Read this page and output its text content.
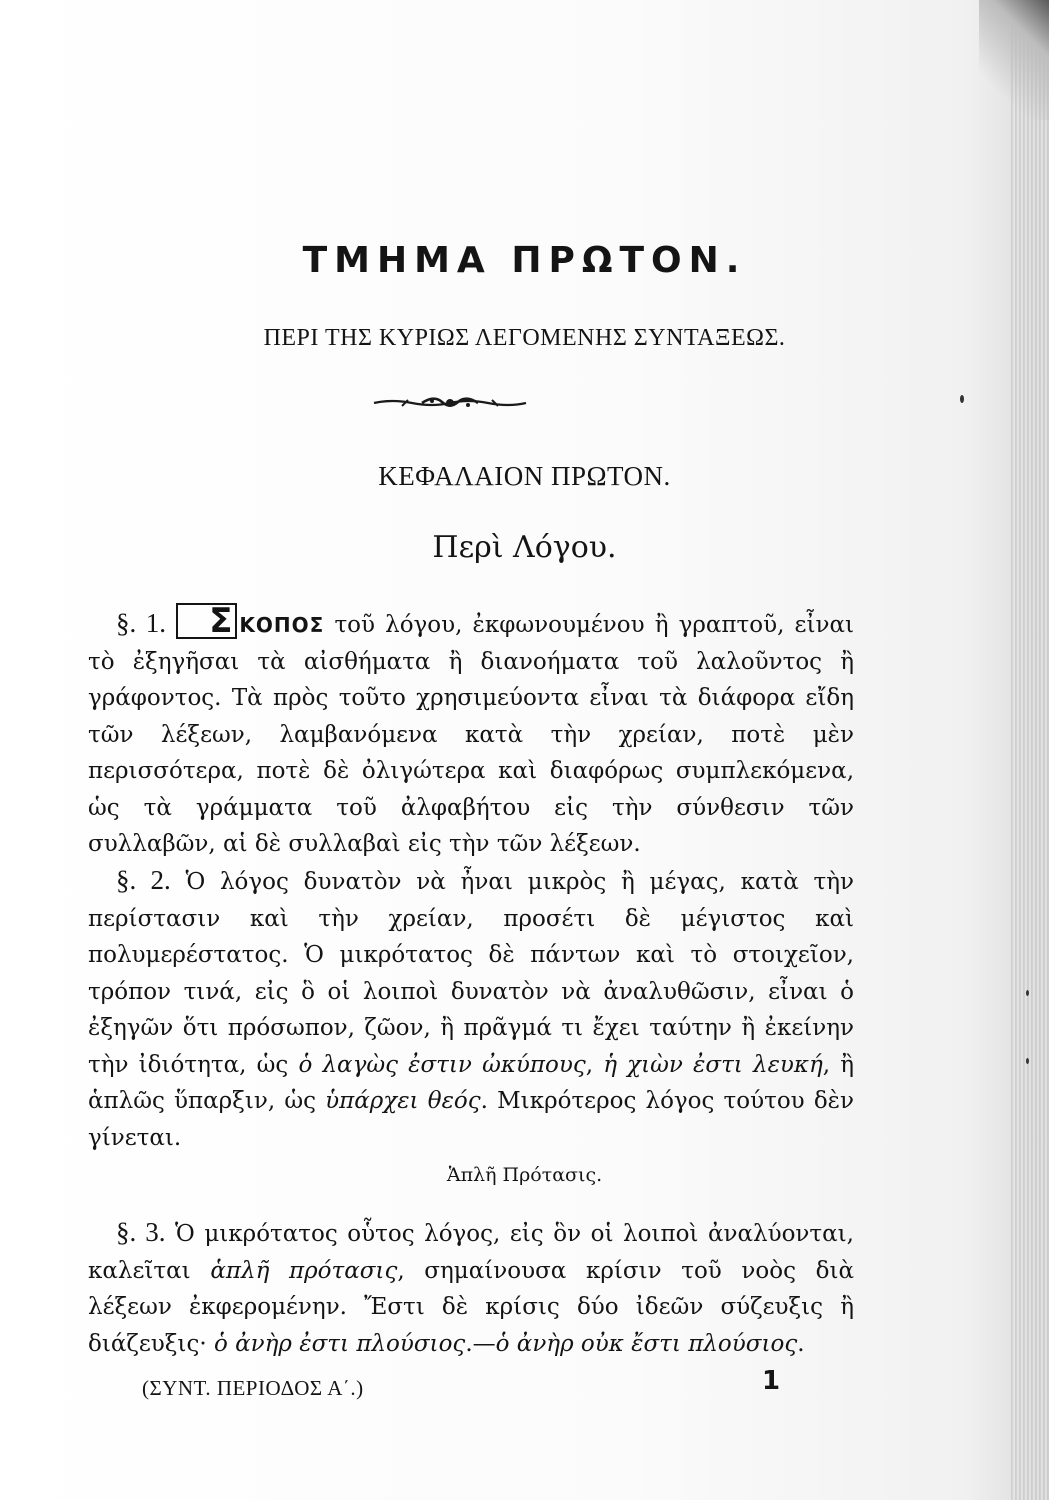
ΤΜΗΜΑ ΠΡΩΤΟΝ.
ΠΕΡΙ ΤΗΣ ΚΥΡΙΩΣ ΛΕΓΟΜΕΝΗΣ ΣΥΝΤΑΞΕΩΣ.
ΚΕΦΑΛΑΙΟΝ ΠΡΩΤΟΝ.
Περὶ Λόγου.

§. 1. Σ ΚΟΠΟΣ τοῦ λόγου, ἐκφωνουμένου ἢ γραπτοῦ, εἶναι τὸ ἐξηγῆσαι τὰ αἰσθήματα ἢ διανοήματα τοῦ λαλοῦντος ἢ γράφοντος. Τὰ πρὸς τοῦτο χρησιμεύοντα εἶναι τὰ διάφορα εἴδη τῶν λέξεων, λαμβανόμενα κατὰ τὴν χρείαν, ποτὲ μὲν περισσότερα, ποτὲ δὲ ὀλιγώτερα καὶ διαφόρως συμπλεκόμενα, ὡς τὰ γράμματα τοῦ ἀλφαβήτου εἰς τὴν σύνθεσιν τῶν συλλαβῶν, αἱ δὲ συλλαβαὶ εἰς τὴν τῶν λέξεων.

§. 2. Ὁ λόγος δυνατὸν νὰ ἦναι μικρὸς ἢ μέγας, κατὰ τὴν περίστασιν καὶ τὴν χρείαν, προσέτι δὲ μέγιστος καὶ πολυμερέστατος. Ὁ μικρότατος δὲ πάντων καὶ τὸ στοιχεῖον, τρόπον τινά, εἰς ὃ οἱ λοιποὶ δυνατὸν νὰ ἀναλυθῶσιν, εἶναι ὁ ἐξηγῶν ὅτι πρόσωπον, ζῶον, ἢ πρᾶγμά τι ἔχει ταύτην ἢ ἐκείνην τὴν ἰδιότητα, ὡς ὁ λαγὼς ἐστιν ὠκύπους, ἡ χιὼν ἐστι λευκή, ἢ ἁπλῶς ὕπαρξιν, ὡς ὑπάρχει θεός. Μικρότερος λόγος τούτου δὲν γίνεται.

Ἁπλῆ Πρότασις.

§. 3. Ὁ μικρότατος οὗτος λόγος, εἰς ὃν οἱ λοιποὶ ἀναλύονται, καλεῖται ἁπλῆ πρότασις, σημαίνουσα κρίσιν τοῦ νοὸς διὰ λέξεων ἐκφερομένην. Ἔστι δὲ κρίσις δύο ἰδεῶν σύζευξις ἢ διάζευξις· ὁ ἀνὴρ ἐστι πλούσιος.—ὁ ἀνὴρ οὐκ ἔστι πλούσιος.

(ΣΥΝΤ. ΠΕΡΙΟΔΟΣ Α΄.)	1
